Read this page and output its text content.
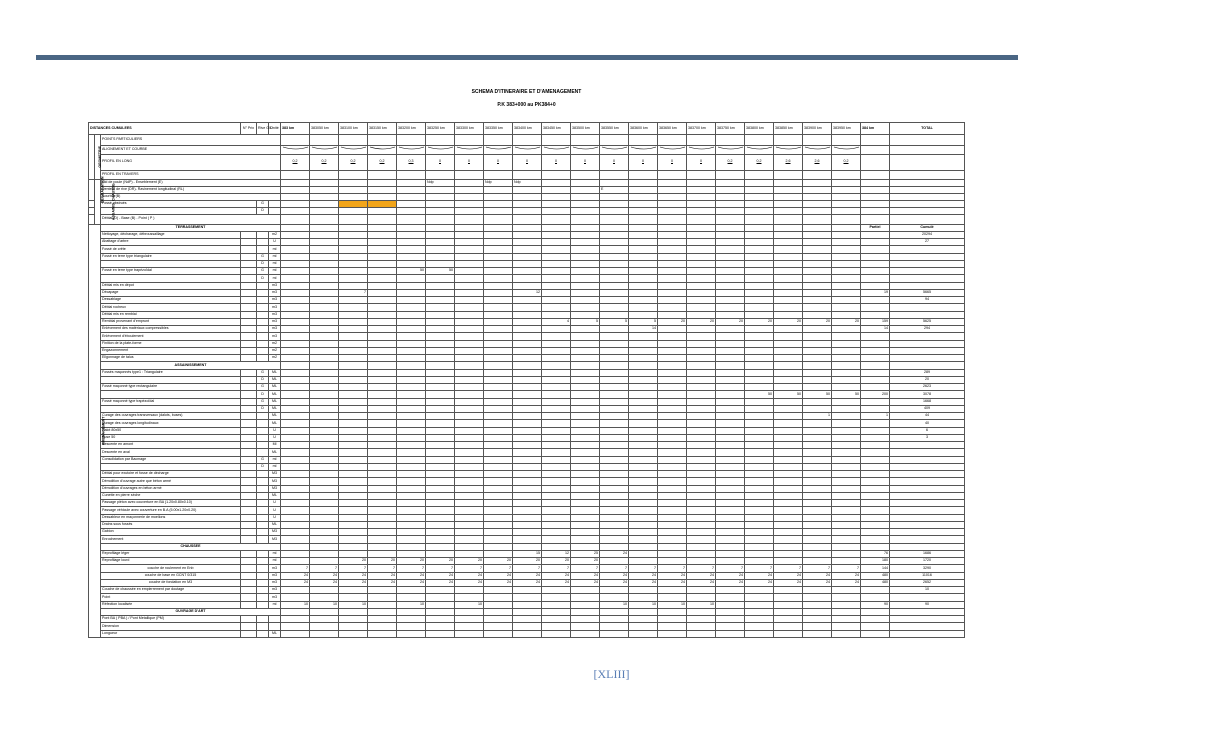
SCHEMA D'ITINERAIRE ET D'AMENAGEMENT
P.K 383+000 au PK384+0
DISTANCES CUMULEES			N° Prix	Rive G/D	Unité	383 km	383050 km	383100 km	383150 km	383200 km	383250 km	383300 km	383350 km	383400 km	383450 km	383500 km	383550 km	383600 km	383650 km	383700 km	383750 km	383800 km	383850 km	383900 km	383950 km	384 km	TOTAL
GEOMETRIE		POINTS PARTICULIERS																									
		ALIGNEMENT ET COURBE																						
		PROFIL EN LONG				0,2	0,2	0,2	0,2	0,3	0	0	0	0	0	0	0	0	0	0	0,2	0,2	2,6	2,6	0,2		
		PROFIL EN TRAVERS																									
DEGRADATION	ASSAINIS. CHAUSSE	Nid de poule (NdP) - Enseblement (E)									Ndp		Ndp	Ndp													
		Dentelle de rive (DR)- Ravinement longitudinal (RL)															E										
		Bourbier(B)																									
		Fossé obstrués		G																							
				D																							
		Déblai (D) - Base (B) - Point ( P )																									
AMENAGEMENT		TERRASSEMENT																								Partiel	Cumulé
		Nettoyage, décharage, débroussaillage			m2																						20294
		Abattage d'arbre			U																						27
		Fossé de crête			ml																						
		Fossé en terre type triangulaire		G	ml																						
				D	ml																						
		Fossé en terre type trapézoïdal		G	ml					50	50																
				D	ml																						
		Déblai mis en dépot			m3																						
		Décapage			m3			7						12												19	5665
		Dessablage			m3																						94
		Déblai rocheux			m3																						
		Déblai mis en remblai			m3																						
		Remblai provenant d'emprunt			m3										4	5	5	5	20	20	20	20	20	20	20	159	5625
		Enlèvement des matériaux compressibles			m3													14								14	294
		Enlèvement d'éboulement			m3																						
		Finition de la plate-forme			m2																						
		Engazonnement			m2																						
		Ellgonnage de talus			m2																						
		ASSAINISSEMENT																									
		Fossés maçonnés type1 : Triangulaire		G	ML																						289
				D	ML																						20
		Fossé maçonné type rectangulaire		G	ML																						2623
				D	ML																	50	50	50	50	200	3078
		Fossé maçonné type trapézoïdal		G	ML																						1668
				D	ML																						409
		Curage des ouvrages transversaux (dalots, buses)			ML																			1		1	44
		Curage des ouvrages longitudinaux			ML																						40
		Dalot 80x50			U																						6
		Buse 50			U																						3
		Descente en amont			Ml																						
		Descente en aval			ML																						
		Consolidation par Bacmage		G	ml																						
				D	ml																						
		Déblai pour exutoire et fosse de décharge			M3																						
		Démolition d'ouvrage autre que béton armé			M3																						
		Démolition d'ouvrages en béton armé			M3																						
		Cunette en pierre sèche			ML																						
		Passage piéton avec couverture en BA (1.20x0.80x0.10)			U																						
		Passage véhicule avec couverture en B.A (5.00x1.20x0.20)			U																						
		Dessableur en maçonnerie de moellons			U																						
		Drains sous fossés			ML																						
		Gabion			M3																						
		Enrochement			M3																						
		CHAUSSEE																									
		Reprofilage léger			ml									15	12	25	24									76	1686
		Reprofilage lourd			ml			20	20	20	20	20	20	20	20	20										180	1720
		couche de roulement en Enb			m3	7	7	7	7	7	7	7	7	7	7	7	7	7	7	7	7	7	7	7	7	144	3290
		couche de base en GCNT 0/315			m3	24	24	24	24	24	24	24	24	24	24	24	24	24	24	24	24	24	24	24	24	480	11016
		couche de fondation en M3			m3	24	24	24	24	24	24	24	24	24	24	24	24	24	24	24	24	24	24	24	24	480	2652
		Couche de chaussée en empierrement par doutage			m3																						10
		Point			m3																						
		Réfection localisée			ml	10	10	10		10		10					10	10	10	10						90	90
		OUVRAGE D'ART																									
		Pont BA ( PBA ) / Pont Metallique (PM)																									
		Dimension																									
		Longueur			ML																						
[XLIII]
